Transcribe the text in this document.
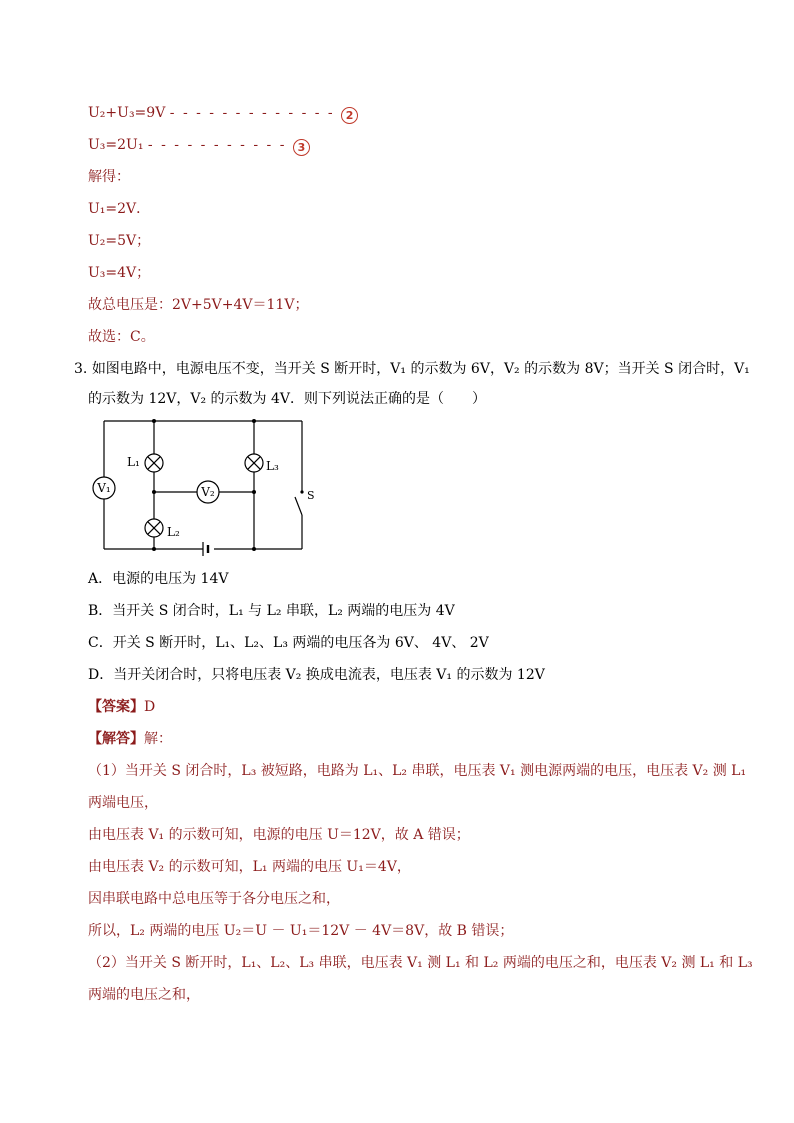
U₂+U₃=9V - - - - - - - - - - - - - 2
U₃=2U₁ - - - - - - - - - - - 3
解得：
U₁=2V．
U₂=5V；
U₃=4V；
故总电压是：2V+5V+4V＝11V；
故选：C。
3. 如图电路中，电源电压不变，当开关 S 断开时，V₁ 的示数为 6V，V₂ 的示数为 8V；当开关 S 闭合时，V₁
的示数为 12V，V₂ 的示数为 4V．则下列说法正确的是（　　）
L₁
L₂
L₃
V₁	V₂	S
A．电源的电压为 14V
B．当开关 S 闭合时，L₁ 与 L₂ 串联，L₂ 两端的电压为 4V
C．开关 S 断开时，L₁、L₂、L₃ 两端的电压各为 6V、 4V、 2V
D．当开关闭合时，只将电压表 V₂ 换成电流表，电压表 V₁ 的示数为 12V
【答案】D
【解答】解：
（1）当开关 S 闭合时，L₃ 被短路，电路为 L₁、L₂ 串联，电压表 V₁ 测电源两端的电压，电压表 V₂ 测 L₁
两端电压，
由电压表 V₁ 的示数可知，电源的电压 U＝12V，故 A 错误；
由电压表 V₂ 的示数可知，L₁ 两端的电压 U₁＝4V，
因串联电路中总电压等于各分电压之和，
所以，L₂ 两端的电压 U₂＝U － U₁＝12V － 4V＝8V，故 B 错误；
（2）当开关 S 断开时，L₁、L₂、L₃ 串联，电压表 V₁ 测 L₁ 和 L₂ 两端的电压之和，电压表 V₂ 测 L₁ 和 L₃
两端的电压之和，
